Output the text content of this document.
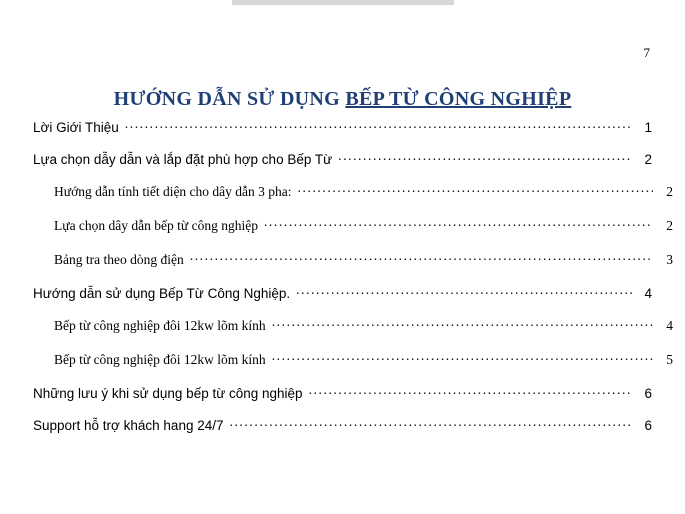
7
HƯỚNG DẪN SỬ DỤNG BẾP TỪ CÔNG NGHIỆP
Lời Giới Thiệu .....	1
Lựa chọn dẫy dẫn và lắp đặt phù hợp cho Bếp Từ .....	2
Hướng dẫn tính tiết diện cho dây dẫn 3 pha: .....	2
Lựa chọn dây dẫn bếp từ công nghiệp .....	2
Bảng tra theo dòng điện .....	3
Hướng dẫn sử dụng Bếp Từ Công Nghiệp. .....	4
Bếp từ công nghiệp đôi 12kw lõm kính .....	4
Bếp từ công nghiệp đôi 12kw lõm kính .....	5
Những lưu ý khi sử dụng bếp từ công nghiệp .....	6
Support hỗ trợ khách hang 24/7 .....	6
